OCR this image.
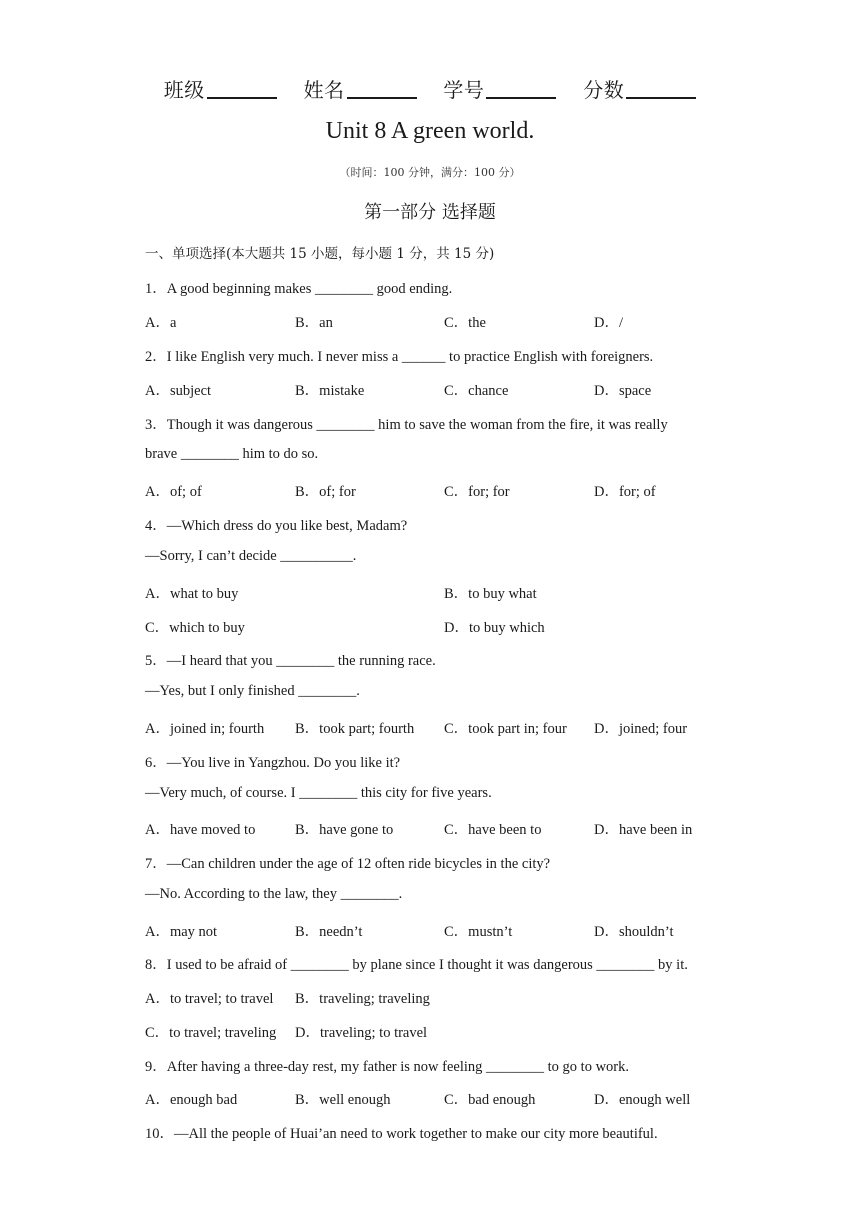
班级	姓名	学号	分数
Unit 8 A green world.
（时间：100 分钟，满分：100 分）
第一部分 选择题
一、单项选择(本大题共 15 小题，每小题 1 分，共 15 分)
1．A good beginning makes ________ good ending.
A．a	B．an	C．the	D．/
2．I like English very much. I never miss a ______ to practice English with foreigners.
A．subject	B．mistake	C．chance	D．space
3．Though it was dangerous ________ him to save the woman from the fire, it was really
brave ________ him to do so.
A．of; of	B．of; for	C．for; for	D．for; of
4．—Which dress do you like best, Madam?
—Sorry, I can’t decide __________.
A．what to buy	B．to buy what
C．which to buy	D．to buy which
5．—I heard that you ________ the running race.
—Yes, but I only finished ________.
A．joined in; fourth B．took part; fourth C．took part in; four D．joined; four
6．—You live in Yangzhou. Do you like it?
—Very much, of course. I ________ this city for five years.
A．have moved to	B．have gone to	C．have been to	D．have been in
7．—Can children under the age of 12 often ride bicycles in the city?
—No. According to the law, they ________.
A．may not	B．needn’t	C．mustn’t	D．shouldn’t
8．I used to be afraid of ________ by plane since I thought it was dangerous ________ by it.
A．to travel; to travel B．traveling; traveling
C．to travel; traveling D．traveling; to travel
9．After having a three-day rest, my father is now feeling ________ to go to work.
A．enough bad	B．well enough	C．bad enough	D．enough well
10．—All the people of Huai’an need to work together to make our city more beautiful.
